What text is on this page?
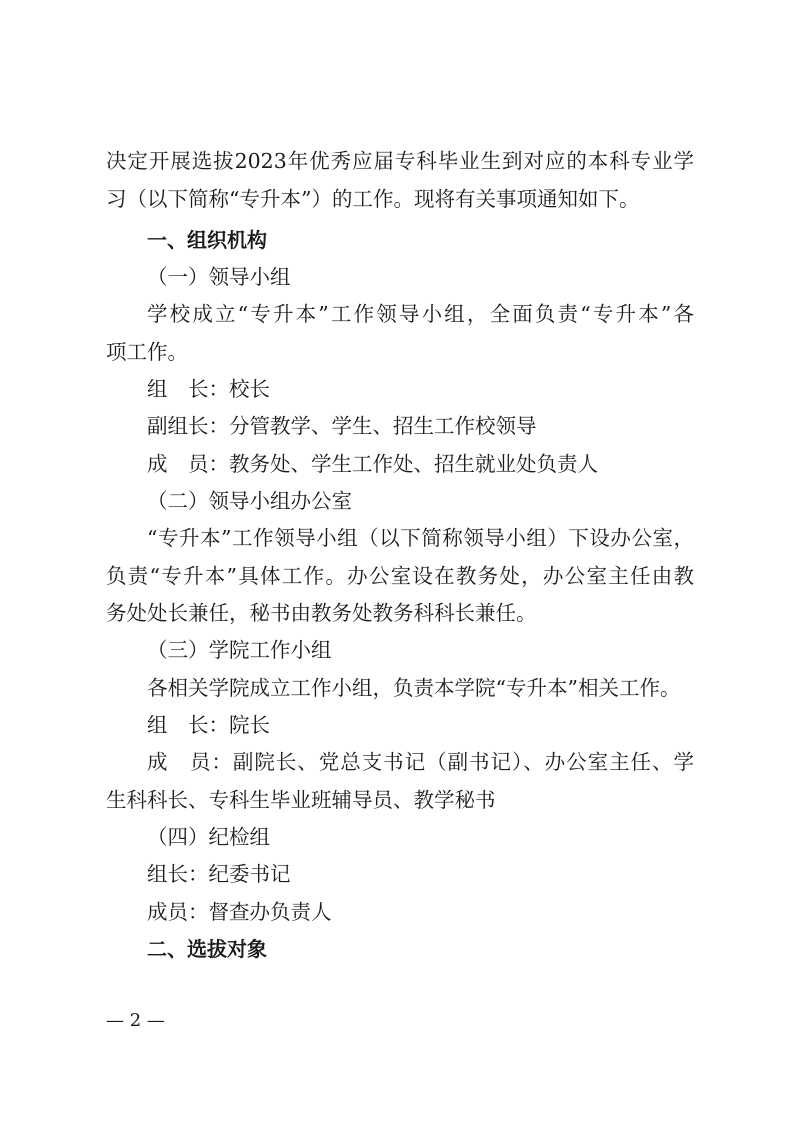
决定开展选拔2023年优秀应届专科毕业生到对应的本科专业学
习（以下简称“专升本”）的工作。现将有关事项通知如下。
一、组织机构
（一）领导小组
学校成立“专升本”工作领导小组，全面负责“专升本”各
项工作。
组　长：校长
副组长：分管教学、学生、招生工作校领导
成　员：教务处、学生工作处、招生就业处负责人
（二）领导小组办公室
“专升本”工作领导小组（以下简称领导小组）下设办公室，
负责“专升本”具体工作。办公室设在教务处，办公室主任由教
务处处长兼任，秘书由教务处教务科科长兼任。
（三）学院工作小组
各相关学院成立工作小组，负责本学院“专升本”相关工作。
组　长：院长
成　员：副院长、党总支书记（副书记）、办公室主任、学
生科科长、专科生毕业班辅导员、教学秘书
（四）纪检组
组长：纪委书记
成员：督查办负责人
二、选拔对象
— 2 —
